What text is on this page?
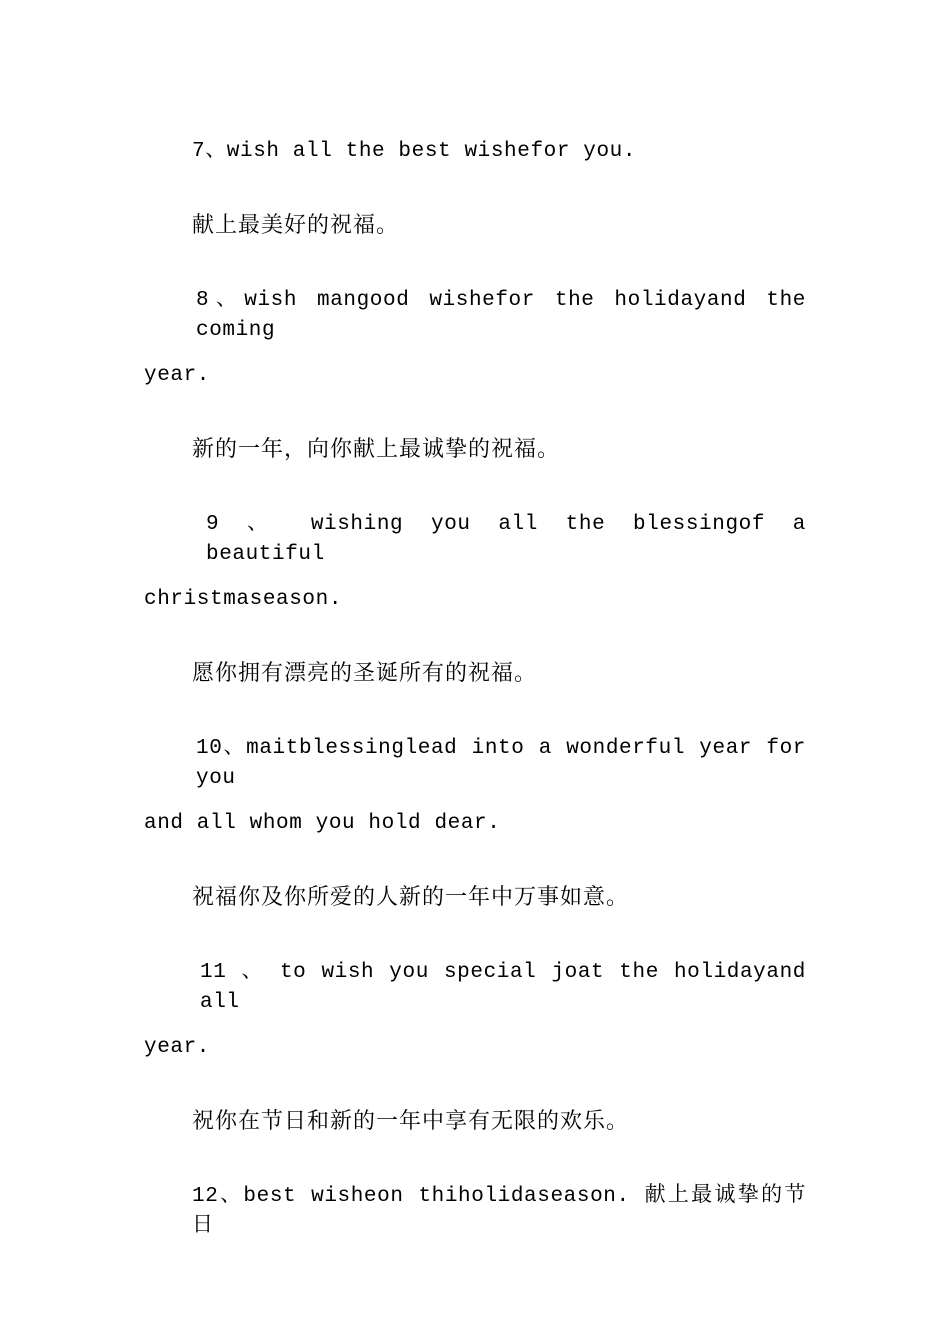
7、wish all the best wishefor you.
献上最美好的祝福。
8、wish mangood wishefor the holidayand the coming
year.
新的一年，向你献上最诚挚的祝福。
9 、 wishing you all the blessingof a beautiful
christmaseason.
愿你拥有漂亮的圣诞所有的祝福。
10、maitblessinglead into a wonderful year for you
and all whom you hold dear.
祝福你及你所爱的人新的一年中万事如意。
11 、 to wish you special joat the holidayand all
year.
祝你在节日和新的一年中享有无限的欢乐。
12、best wisheon thiholidaseason. 献上最诚挚的节日
